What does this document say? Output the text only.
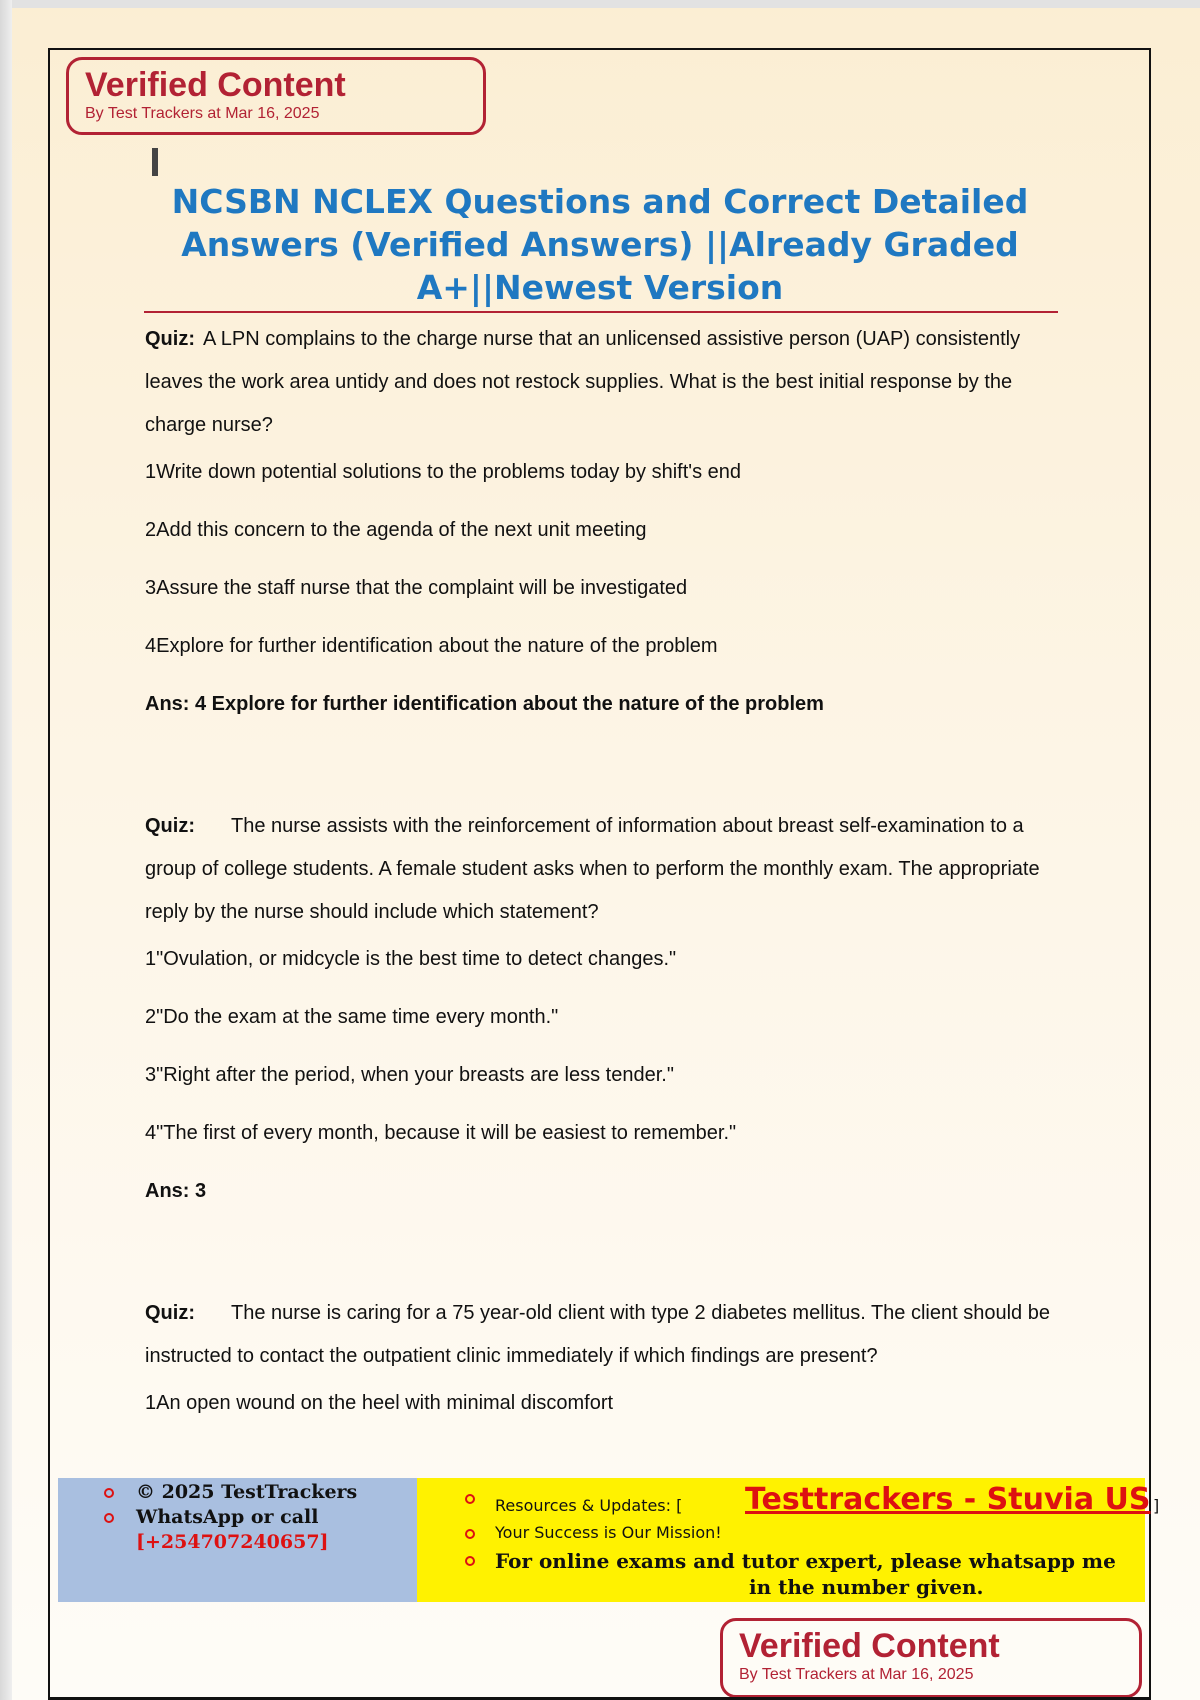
Verified Content
By Test Trackers at Mar 16, 2025
NCSBN NCLEX Questions and Correct Detailed Answers (Verified Answers) ||Already Graded A+||Newest Version

Quiz: A LPN complains to the charge nurse that an unlicensed assistive person (UAP) consistently leaves the work area untidy and does not restock supplies. What is the best initial response by the charge nurse?

1Write down potential solutions to the problems today by shift's end

2Add this concern to the agenda of the next unit meeting

3Assure the staff nurse that the complaint will be investigated

4Explore for further identification about the nature of the problem

Ans: 4 Explore for further identification about the nature of the problem

Quiz: The nurse assists with the reinforcement of information about breast self-examination to a group of college students. A female student asks when to perform the monthly exam. The appropriate reply by the nurse should include which statement?

1"Ovulation, or midcycle is the best time to detect changes."

2"Do the exam at the same time every month."

3"Right after the period, when your breasts are less tender."

4"The first of every month, because it will be easiest to remember."

Ans: 3

Quiz: The nurse is caring for a 75 year-old client with type 2 diabetes mellitus. The client should be instructed to contact the outpatient clinic immediately if which findings are present?

1An open wound on the heel with minimal discomfort

© 2025 TestTrackers
WhatsApp or call
[+254707240657]
Resources & Updates: [ Testtrackers - Stuvia US ]
Your Success is Our Mission!
For online exams and tutor expert, please whatsapp me
in the number given.
Verified Content
By Test Trackers at Mar 16, 2025
